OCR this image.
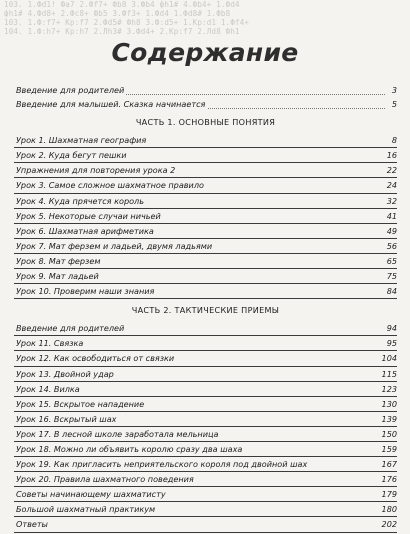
103. 1.Фd1! Фа7 2.Фf7+ Фb8 3.Фb4 фh1# 4.Фb4+ 1.Фd4
фh1# 4.Фd8+ 2.Фc8+ Фb5 3.Фf3+ 1.Фd4 1.Фd8# 1.Фb8
103. 1.Ф:f7+ Кр:f7 2.Фd5# Фh8 3.Ф:d5+ 1.Кр:d1 1.Фf4+
104. 1.Ф:h7+ Кр:h7 2.Лh3# 3.Фd4+ 2.Кр:f7 2.Лd8 Фh1
Содержание
Введение для родителей	3
Введение для малышей. Сказка начинается	5
ЧАСТЬ 1. ОСНОВНЫЕ ПОНЯТИЯ
Урок 1. Шахматная география	8
Урок 2. Куда бегут пешки	16
Упражнения для повторения урока 2	22
Урок 3. Самое сложное шахматное правило	24
Урок 4. Куда прячется король	32
Урок 5. Некоторые случаи ничьей	41
Урок 6. Шахматная арифметика	49
Урок 7. Мат ферзем и ладьей, двумя ладьями	56
Урок 8. Мат ферзем	65
Урок 9. Мат ладьей	75
Урок 10. Проверим наши знания	84
ЧАСТЬ 2. ТАКТИЧЕСКИЕ ПРИЕМЫ
Введение для родителей	94
Урок 11. Связка	95
Урок 12. Как освободиться от связки	104
Урок 13. Двойной удар	115
Урок 14. Вилка	123
Урок 15. Вскрытое нападение	130
Урок 16. Вскрытый шах	139
Урок 17. В лесной школе заработала мельница	150
Урок 18. Можно ли объявить королю сразу два шаха	159
Урок 19. Как пригласить неприятельского короля под двойной шах	167
Урок 20. Правила шахматного поведения	176
Советы начинающему шахматисту	179
Большой шахматный практикум	180
Ответы	202
